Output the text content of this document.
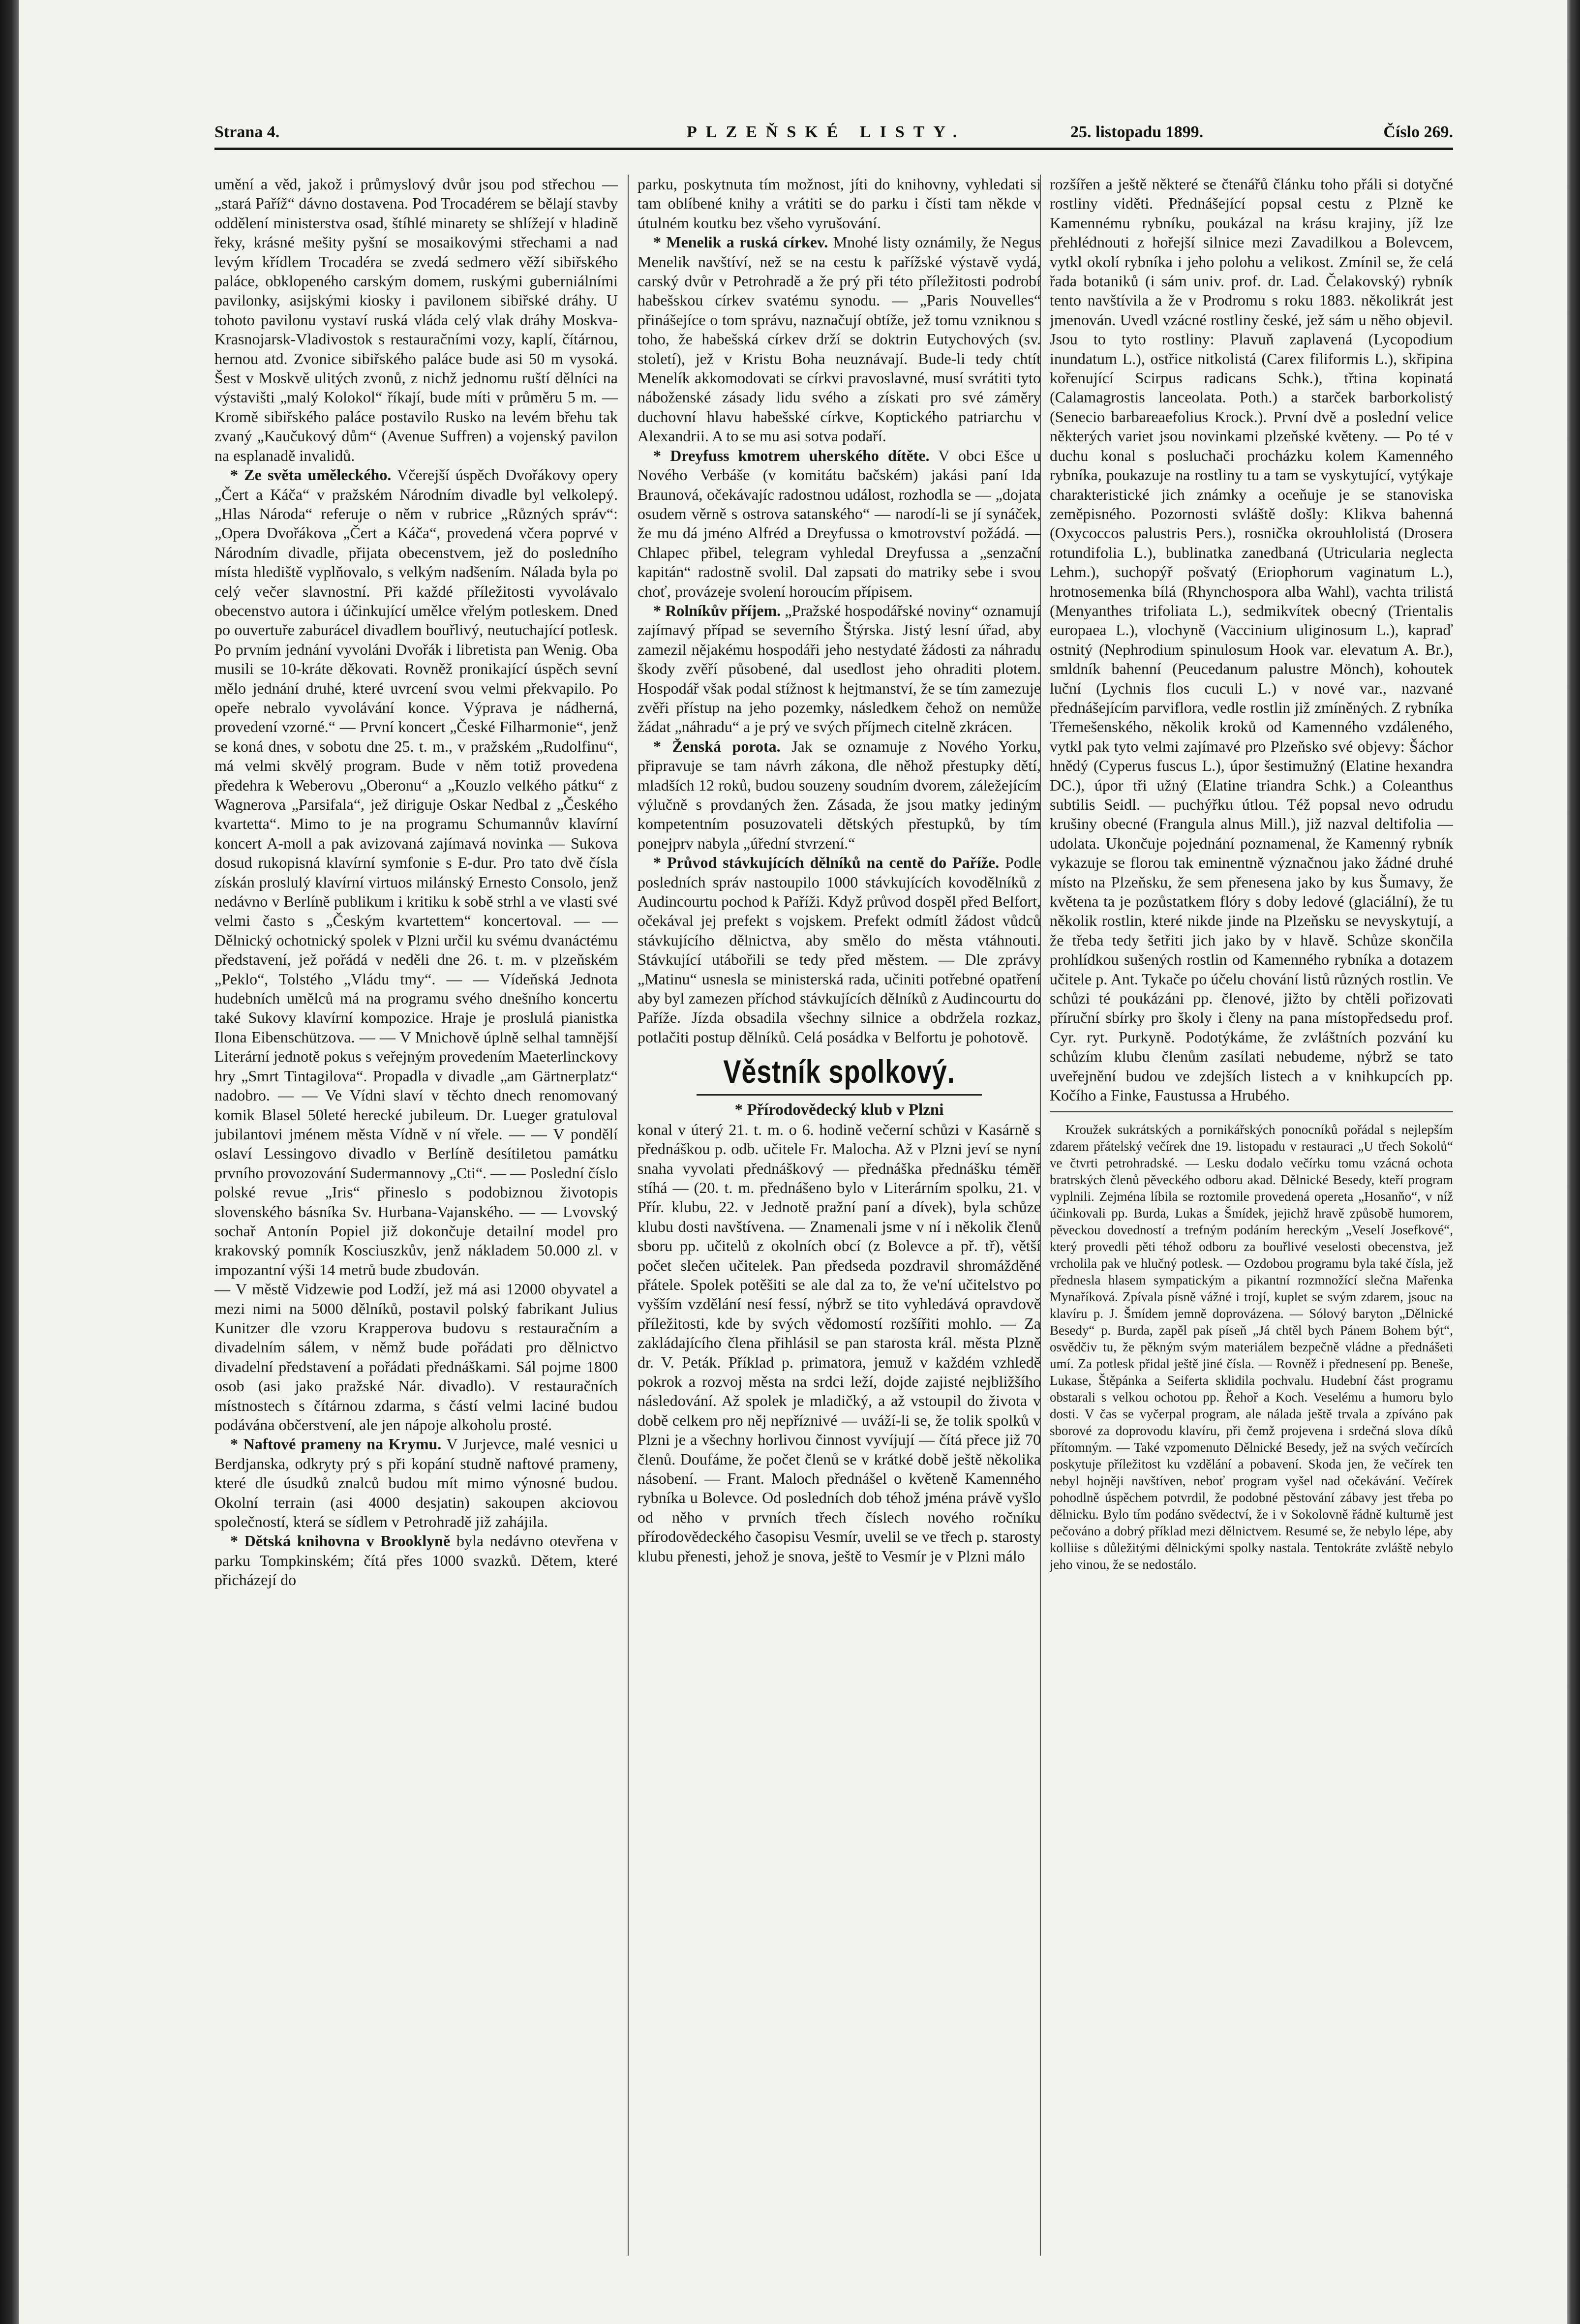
Strana 4.	PLZEŇSKÉ LISTY.	25. listopadu 1899.	Číslo 269.

umění a věd, jakož i průmyslový dvůr jsou pod střechou — „stará Paříž“ dávno dostavena. Pod Trocadérem se bělají stavby oddělení ministerstva osad, štíhlé minarety se shlížejí v hladině řeky, krásné mešity pyšní se mosaikovými střechami a nad levým křídlem Trocadéra se zvedá sedmero věží sibiřského paláce, obklopeného carským domem, ruskými guberniálními pavilonky, asijskými kiosky i pavilonem sibiřské dráhy. U tohoto pavilonu vystaví ruská vláda celý vlak dráhy Moskva-Krasnojarsk-Vladivostok s restauračními vozy, kaplí, čítárnou, hernou atd. Zvonice sibiřského paláce bude asi 50 m vysoká. Šest v Moskvě ulitých zvonů, z nichž jednomu ruští dělníci na výstavišti „malý Kolokol“ říkají, bude míti v průměru 5 m. — Kromě sibiřského paláce postavilo Rusko na levém břehu tak zvaný „Kaučukový dům“ (Avenue Suffren) a vojenský pavilon na esplanadě invalidů.

* Ze světa uměleckého. Včerejší úspěch Dvořákovy opery „Čert a Káča“ v pražském Národním divadle byl velkolepý. „Hlas Národa“ referuje o něm v rubrice „Různých správ“: „Opera Dvořákova „Čert a Káča“, provedená včera poprvé v Národním divadle, přijata obecenstvem, jež do posledního místa hlediště vyplňovalo, s velkým nadšením. Nálada byla po celý večer slavnostní. Při každé příležitosti vyvolávalo obecenstvo autora i účinkující umělce vřelým potleskem. Dned po ouvertuře zaburácel divadlem bouřlivý, neutuchající potlesk. Po prvním jednání vyvoláni Dvořák i libretista pan Wenig. Oba musili se 10-kráte děkovati. Rovněž pronikající úspěch sevní mělo jednání druhé, které uvrcení svou velmi překvapilo. Po opeře nebralo vyvolávání konce. Výprava je nádherná, provedení vzorné.“ — První koncert „České Filharmonie“, jenž se koná dnes, v sobotu dne 25. t. m., v pražském „Rudolfinu“, má velmi skvělý program. Bude v něm totiž provedena předehra k Weberovu „Oberonu“ a „Kouzlo velkého pátku“ z Wagnerova „Parsifala“, jež diriguje Oskar Nedbal z „Českého kvartetta“. Mimo to je na programu Schumannův klavírní koncert A-moll a pak avizovaná zajímavá novinka — Sukova dosud rukopisná klavírní symfonie s E-dur. Pro tato dvě čísla získán proslulý klavírní virtuos milánský Ernesto Consolo, jenž nedávno v Berlíně publikum i kritiku k sobě strhl a ve vlasti své velmi často s „Českým kvartettem“ koncertoval. — — Dělnický ochotnický spolek v Plzni určil ku svému dvanáctému představení, jež pořádá v neděli dne 26. t. m. v plzeňském „Peklo“, Tolstého „Vládu tmy“. — — Vídeňská Jednota hudebních umělců má na programu svého dnešního koncertu také Sukovy klavírní kompozice. Hraje je proslulá pianistka Ilona Eibenschützova. — — V Mnichově úplně selhal tamnější Literární jednotě pokus s veřejným provedením Maeterlinckovy hry „Smrt Tintagilova“. Propadla v divadle „am Gärtnerplatz“ nadobro. — — Ve Vídni slaví v těchto dnech renomovaný komik Blasel 50leté herecké jubileum. Dr. Lueger gratuloval jubilantovi jménem města Vídně v ní vřele. — — V pondělí oslaví Lessingovo divadlo v Berlíně desítiletou památku prvního provozování Sudermannovy „Cti“. — — Poslední číslo polské revue „Iris“ přineslo s podobiznou životopis slovenského básníka Sv. Hurbana-Vajanského. — — Lvovský sochař Antonín Popiel již dokončuje detailní model pro krakovský pomník Kosciuszkův, jenž nákladem 50.000 zl. v impozantní výši 14 metrů bude zbudován.

— V městě Vidzewie pod Lodží, jež má asi 12000 obyvatel a mezi nimi na 5000 dělníků, postavil polský fabrikant Julius Kunitzer dle vzoru Krapperova budovu s restauračním a divadelním sálem, v němž bude pořádati pro dělnictvo divadelní představení a pořádati přednáškami. Sál pojme 1800 osob (asi jako pražské Nár. divadlo). V restauračních místnostech s čítárnou zdarma, s částí velmi laciné budou podávána občerstvení, ale jen nápoje alkoholu prosté.

* Naftové prameny na Krymu. V Jurjevce, malé vesnici u Berdjanska, odkryty prý s při kopání studně naftové prameny, které dle úsudků znalců budou mít mimo výnosné budou. Okolní terrain (asi 4000 desjatin) sakoupen akciovou společností, která se sídlem v Petrohradě již zahájila.

* Dětská knihovna v Brooklyně byla nedávno otevřena v parku Tompkinském; čítá přes 1000 svazků. Dětem, které přicházejí do

parku, poskytnuta tím možnost, jíti do knihovny, vyhledati si tam oblíbené knihy a vrátiti se do parku i čísti tam někde v útulném koutku bez všeho vyrušování.

* Menelik a ruská církev. Mnohé listy oznámily, že Negus Menelik navštíví, než se na cestu k pařížské výstavě vydá, carský dvůr v Petrohradě a že prý při této příležitosti podrobí habešskou církev svatému synodu. — „Paris Nouvelles“ přinášejíce o tom správu, naznačují obtíže, jež tomu vzniknou s toho, že habešská církev drží se doktrin Eutychových (sv. století), jež v Kristu Boha neuznávají. Bude-li tedy chtít Menelík akkomodovati se církvi pravoslavné, musí svrátiti tyto náboženské zásady lidu svého a získati pro své záměry duchovní hlavu habešské církve, Koptického patriarchu v Alexandrii. A to se mu asi sotva podaří.

* Dreyfuss kmotrem uherského dítěte. V obci Ešce u Nového Verbáše (v komitátu bačském) jakási paní Ida Braunová, očekávajíc radostnou událost, rozhodla se — „dojata osudem věrně s ostrova satanského“ — narodí-li se jí synáček, že mu dá jméno Alfréd a Dreyfussa o kmotrovství požádá. — Chlapec přibel, telegram vyhledal Dreyfussa a „senzační kapitán“ radostně svolil. Dal zapsati do matriky sebe i svou choť, provázeje svolení horoucím přípisem.

* Rolníkův příjem. „Pražské hospodářské noviny“ oznamují zajímavý případ se severního Štýrska. Jistý lesní úřad, aby zamezil nějakému hospodáři jeho nestydaté žádosti za náhradu škody zvěří působené, dal usedlost jeho ohraditi plotem. Hospodář však podal stížnost k hejtmanství, že se tím zamezuje zvěři přístup na jeho pozemky, následkem čehož on nemůže žádat „náhradu“ a je prý ve svých příjmech citelně zkrácen.

* Ženská porota. Jak se oznamuje z Nového Yorku, připravuje se tam návrh zákona, dle něhož přestupky dětí, mladších 12 roků, budou souzeny soudním dvorem, záležejícím výlučně s provdaných žen. Zásada, že jsou matky jediným kompetentním posuzovateli dětských přestupků, by tím ponejprv nabyla „úřední stvrzení.“

* Průvod stávkujících dělníků na centě do Paříže. Podle posledních správ nastoupilo 1000 stávkujících kovodělníků z Audincourtu pochod k Paříži. Když průvod dospěl před Belfort, očekával jej prefekt s vojskem. Prefekt odmítl žádost vůdců stávkujícího dělnictva, aby smělo do města vtáhnouti. Stávkující utábořili se tedy před městem. — Dle zprávy „Matinu“ usnesla se ministerská rada, učiniti potřebné opatření aby byl zamezen příchod stávkujících dělníků z Audincourtu do Paříže. Jízda obsadila všechny silnice a obdržela rozkaz, potlačiti postup dělníků. Celá posádka v Belfortu je pohotově.

Věstník spolkový.
* Přírodovědecký klub v Plzni

konal v úterý 21. t. m. o 6. hodině večerní schůzi v Kasárně s přednáškou p. odb. učitele Fr. Malocha. Až v Plzni jeví se nyní snaha vyvolati přednáškový — přednáška přednášku téměř stíhá — (20. t. m. přednášeno bylo v Literárním spolku, 21. v Přír. klubu, 22. v Jednotě pražní paní a dívek), byla schůze klubu dosti navštívena. — Znamenali jsme v ní i několik členů sboru pp. učitelů z okolních obcí (z Bolevce a př. tř), větší počet slečen učitelek. Pan předseda pozdravil shromážděné přátele. Spolek potěšiti se ale dal za to, že ve'ní učitelstvo po vyšším vzdělání nesí fessí, nýbrž se tito vyhledává opravdově příležitosti, kde by svých vědomostí rozšířiti mohlo. — Za zakládajícího člena přihlásil se pan starosta král. města Plzně dr. V. Peták. Příklad p. primatora, jemuž v každém vzhledě pokrok a rozvoj města na srdci leží, dojde zajisté nejbližšího následování. Až spolek je mladičký, a až vstoupil do života v době celkem pro něj nepříznivé — uváží-li se, že tolik spolků v Plzni je a všechny horlivou činnost vyvíjují — čítá přece již 70 členů. Doufáme, že počet členů se v krátké době ještě několika násobení. — Frant. Maloch přednášel o květeně Kamenného rybníka u Bolevce. Od posledních dob téhož jména právě vyšlo od něho v prvních třech číslech nového ročníku přírodovědeckého časopisu Vesmír, uvelil se ve třech p. starosty klubu přenesti, jehož je snova, ještě to Vesmír je v Plzni málo

rozšířen a ještě některé se čtenářů článku toho přáli si dotyčné rostliny viděti. Přednášející popsal cestu z Plzně ke Kamennému rybníku, poukázal na krásu krajiny, jíž lze přehlédnouti z hořejší silnice mezi Zavadilkou a Bolevcem, vytkl okolí rybníka i jeho polohu a velikost. Zmínil se, že celá řada botaniků (i sám univ. prof. dr. Lad. Čelakovský) rybník tento navštívila a že v Prodromu s roku 1883. několikrát jest jmenován. Uvedl vzácné rostliny české, jež sám u něho objevil. Jsou to tyto rostliny: Plavuň zaplavená (Lycopodium inundatum L.), ostřice nitkolistá (Carex filiformis L.), skřipina kořenující Scirpus radicans Schk.), třtina kopinatá (Calamagrostis lanceolata. Poth.) a starček barborkolistý (Senecio barbareaefolius Krock.). První dvě a poslední velice některých variet jsou novinkami plzeňské květeny. — Po té v duchu konal s posluchači procházku kolem Kamenného rybníka, poukazuje na rostliny tu a tam se vyskytující, vytýkaje charakteristické jich známky a oceňuje je se stanoviska zeměpisného. Pozornosti svláště došly: Klikva bahenná (Oxycoccos palustris Pers.), rosnička okrouhlolistá (Drosera rotundifolia L.), bublinatka zanedbaná (Utricularia neglecta Lehm.), suchopýř pošvatý (Eriophorum vaginatum L.), hrotnosemenka bílá (Rhynchospora alba Wahl), vachta trilistá (Menyanthes trifoliata L.), sedmikvítek obecný (Trientalis europaea L.), vlochyně (Vaccinium uliginosum L.), kapraď ostnitý (Nephrodium spinulosum Hook var. elevatum A. Br.), smldník bahenní (Peucedanum palustre Mönch), kohoutek luční (Lychnis flos cuculi L.) v nové var., nazvané přednášejícím parviflora, vedle rostlin již zmíněných. Z rybníka Třemešenského, několik kroků od Kamenného vzdáleného, vytkl pak tyto velmi zajímavé pro Plzeňsko své objevy: Šáchor hnědý (Cyperus fuscus L.), úpor šestimužný (Elatine hexandra DC.), úpor tři užný (Elatine triandra Schk.) a Coleanthus subtilis Seidl. — puchýřku útlou. Též popsal nevo odrudu krušiny obecné (Frangula alnus Mill.), již nazval deltifolia — udolata. Ukončuje pojednání poznamenal, že Kamenný rybník vykazuje se florou tak eminentně význačnou jako žádné druhé místo na Plzeňsku, že sem přenesena jako by kus Šumavy, že květena ta je pozůstatkem flóry s doby ledové (glaciální), že tu několik rostlin, které nikde jinde na Plzeňsku se nevyskytují, a že třeba tedy šetřiti jich jako by v hlavě. Schůze skončila prohlídkou sušených rostlin od Kamenného rybníka a dotazem učitele p. Ant. Tykače po účelu chování listů různých rostlin. Ve schůzi té poukázáni pp. členové, jižto by chtěli pořizovati příruční sbírky pro školy i členy na pana místopředsedu prof. Cyr. ryt. Purkyně. Podotýkáme, že zvláštních pozvání ku schůzím klubu členům zasílati nebudeme, nýbrž se tato uveřejnění budou ve zdejších listech a v knihkupcích pp. Kočího a Finke, Faustussa a Hrubého.

Kroužek sukrátských a pornikářských ponocníků pořádal s nejlepším zdarem přátelský večírek dne 19. listopadu v restauraci „U třech Sokolů“ ve čtvrti petrohradské. — Lesku dodalo večírku tomu vzácná ochota bratrských členů pěveckého odboru akad. Dělnické Besedy, kteří program vyplnili. Zejména líbila se roztomile provedená opereta „Hosanňo“, v níž účinkovali pp. Burda, Lukas a Šmídek, jejichž hravě způsobě humorem, pěveckou dovedností a trefným podáním hereckým „Veselí Josefkové“, který provedli pěti téhož odboru za bouřlivé veselosti obecenstva, jež vrcholila pak ve hlučný potlesk. — Ozdobou programu byla také čísla, jež přednesla hlasem sympatickým a pikantní rozmnožící slečna Mařenka Mynaříková. Zpívala písně vážné i trojí, kuplet se svým zdarem, jsouc na klavíru p. J. Šmídem jemně doprovázena. — Sólový baryton „Dělnické Besedy“ p. Burda, zapěl pak píseň „Já chtěl bych Pánem Bohem být“, osvědčiv tu, že pěkným svým materiálem bezpečně vládne a přednášeti umí. Za potlesk přidal ještě jiné čísla. — Rovněž i přednesení pp. Beneše, Lukase, Štěpánka a Seiferta sklidila pochvalu. Hudební část programu obstarali s velkou ochotou pp. Řehoř a Koch. Veselému a humoru bylo dosti. V čas se vyčerpal program, ale nálada ještě trvala a zpíváno pak sborové za doprovodu klavíru, při čemž projevena i srdečná slova díků přítomným. — Také vzpomenuto Dělnické Besedy, jež na svých večírcích poskytuje příležitost ku vzdělání a pobavení. Skoda jen, že večírek ten nebyl hojněji navštíven, neboť program vyšel nad očekávání. Večírek pohodlně úspěchem potvrdil, že podobné pěstování zábavy jest třeba po dělnicku. Bylo tím podáno svědectví, že i v Sokolovně řádně kulturně jest pečováno a dobrý příklad mezi dělnictvem. Resumé se, že nebylo lépe, aby kolliise s důležitými dělnickými spolky nastala. Tentokráte zvláště nebylo jeho vinou, že se nedostálo.
